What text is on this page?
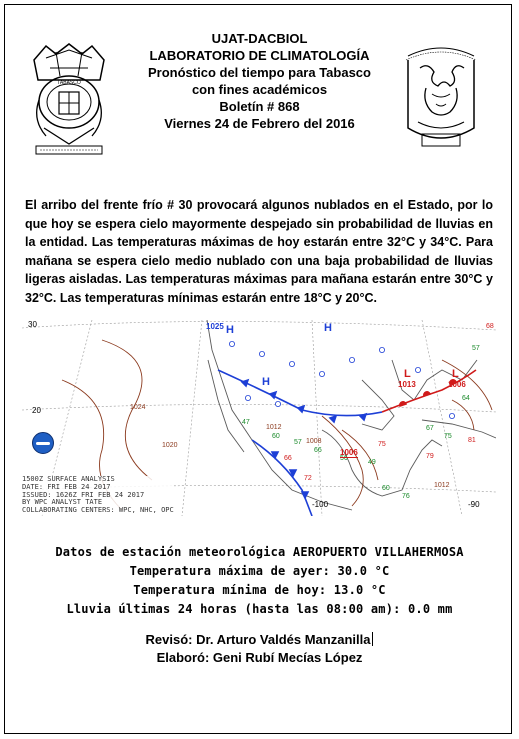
TABASCO
UJAT-DACBIOL
LABORATORIO DE CLIMATOLOGÍA
Pronóstico del tiempo para Tabasco
con fines académicos
Boletín # 868
Viernes 24 de Febrero del 2016
El arribo del frente frío # 30 provocará algunos nublados en el Estado, por lo que hoy se espera cielo mayormente despejado sin probabilidad de lluvias en la entidad. Las temperaturas máximas de hoy estarán entre 32°C y 34°C. Para mañana se espera cielo medio nublado con una baja probabilidad de lluvias ligeras aisladas. Las temperaturas máximas para mañana estarán entre 30°C y 32°C. Las temperaturas mínimas estarán entre 18°C y 20°C.
60
57
66
56
49
60
76
47
57
64
67
75
66
72
75
81
79
68
30
20
-100	-90
1025
1024
1020
1013	1006
1006
1012
1008
1012
H
H
H
L	L
1500Z SURFACE ANALYSIS
DATE: FRI FEB 24 2017
ISSUED: 1626Z FRI FEB 24 2017
BY WPC ANALYST TATE
COLLABORATING CENTERS: WPC, NHC, OPC
Datos de estación meteorológica AEROPUERTO VILLAHERMOSA
Temperatura máxima de ayer: 30.0 °C
Temperatura mínima de hoy: 13.0 °C
Lluvia últimas 24 horas (hasta las 08:00 am): 0.0 mm
Revisó: Dr. Arturo Valdés Manzanilla
Elaboró: Geni Rubí Mecías López
